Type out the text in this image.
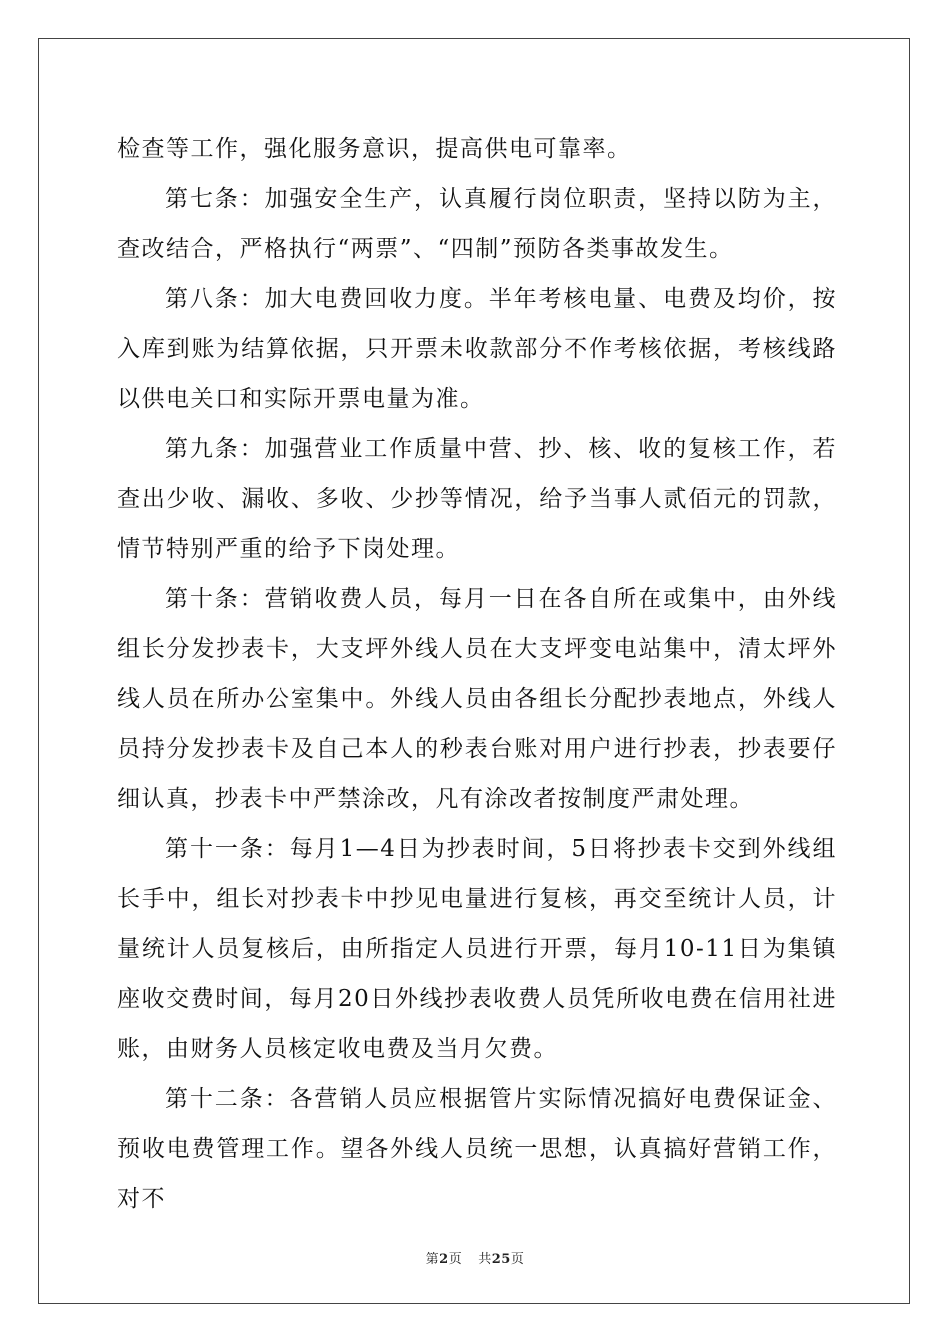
检查等工作，强化服务意识，提高供电可靠率。

第七条：加强安全生产，认真履行岗位职责，坚持以防为主，查改结合，严格执行“两票”、“四制”预防各类事故发生。

第八条：加大电费回收力度。半年考核电量、电费及均价，按入库到账为结算依据，只开票未收款部分不作考核依据，考核线路以供电关口和实际开票电量为准。

第九条：加强营业工作质量中营、抄、核、收的复核工作，若查出少收、漏收、多收、少抄等情况，给予当事人贰佰元的罚款，情节特别严重的给予下岗处理。

第十条：营销收费人员，每月一日在各自所在或集中，由外线组长分发抄表卡，大支坪外线人员在大支坪变电站集中，清太坪外线人员在所办公室集中。外线人员由各组长分配抄表地点，外线人员持分发抄表卡及自己本人的秒表台账对用户进行抄表，抄表要仔细认真，抄表卡中严禁涂改，凡有涂改者按制度严肃处理。

第十一条：每月1—4日为抄表时间，5日将抄表卡交到外线组长手中，组长对抄表卡中抄见电量进行复核，再交至统计人员，计量统计人员复核后，由所指定人员进行开票，每月10-11日为集镇座收交费时间，每月20日外线抄表收费人员凭所收电费在信用社进账，由财务人员核定收电费及当月欠费。

第十二条：各营销人员应根据管片实际情况搞好电费保证金、预收电费管理工作。望各外线人员统一思想，认真搞好营销工作，对不

第2页 共25页
